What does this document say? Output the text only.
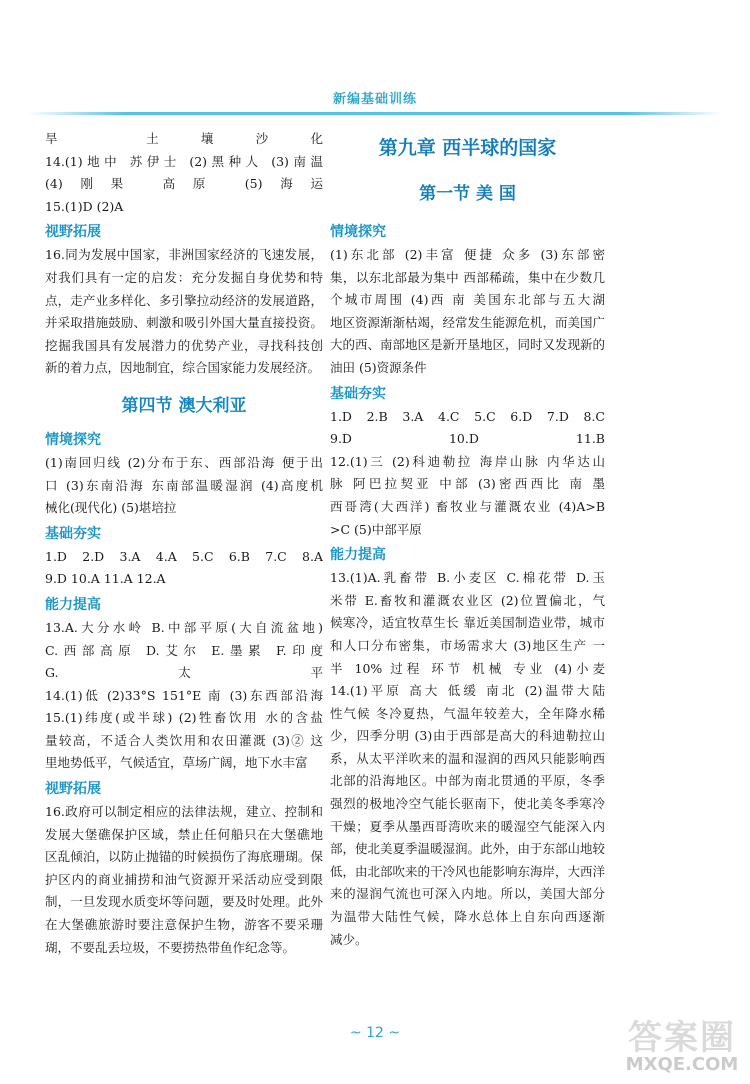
新编基础训练
旱 土壤沙化
14.(1)地中 苏伊士 (2)黑种人 (3)南温
(4)刚果 高原 (5)海运
15.(1)D (2)A
视野拓展
16.同为发展中国家，非洲国家经济的飞速发展，
对我们具有一定的启发：充分发掘自身优势和特
点，走产业多样化、多引擎拉动经济的发展道路，
并采取措施鼓励、刺激和吸引外国大量直接投资。
挖掘我国具有发展潜力的优势产业，寻找科技创
新的着力点，因地制宜，综合国家能力发展经济。
第四节 澳大利亚
情境探究
(1)南回归线 (2)分布于东、西部沿海 便于出
口 (3)东南沿海 东南部温暖湿润 (4)高度机
械化(现代化) (5)堪培拉
基础夯实
1.D 2.D 3.A 4.A 5.C 6.B 7.C 8.A
9.D 10.A 11.A 12.A
能力提高
13.A.大分水岭 B.中部平原(大自流盆地)
C.西部高原 D.艾尔 E.墨累 F.印度
G.太平
14.(1)低 (2)33°S 151°E 南 (3)东西部沿海
15.(1)纬度(或半球) (2)牲畜饮用 水的含盐
量较高，不适合人类饮用和农田灌溉 (3)② 这
里地势低平，气候适宜，草场广阔，地下水丰富
视野拓展
16.政府可以制定相应的法律法规，建立、控制和
发展大堡礁保护区域，禁止任何船只在大堡礁地
区乱倾泊，以防止抛锚的时候损伤了海底珊瑚。保
护区内的商业捕捞和油气资源开采活动应受到限
制，一旦发现水质变坏等问题，要及时处理。此外
在大堡礁旅游时要注意保护生物，游客不要采珊
瑚，不要乱丢垃圾，不要捞热带鱼作纪念等。
第九章 西半球的国家
第一节 美 国
情境探究
(1)东北部 (2)丰富 便捷 众多 (3)东部密
集，以东北部最为集中 西部稀疏，集中在少数几
个城市周围 (4)西 南 美国东北部与五大湖
地区资源渐渐枯竭，经常发生能源危机，而美国广
大的西、南部地区是新开垦地区，同时又发现新的
油田 (5)资源条件
基础夯实
1.D 2.B 3.A 4.C 5.C 6.D 7.D 8.C
9.D 10.D 11.B
12.(1)三 (2)科迪勒拉 海岸山脉 内华达山
脉 阿巴拉契亚 中部 (3)密西西比 南 墨
西哥湾(大西洋) 畜牧业与灌溉农业 (4)A>B
>C (5)中部平原
能力提高
13.(1)A.乳畜带 B.小麦区 C.棉花带 D.玉
米带 E.畜牧和灌溉农业区 (2)位置偏北，气
候寒冷，适宜牧草生长 靠近美国制造业带，城市
和人口分布密集，市场需求大 (3)地区生产 一
半 10% 过程 环节 机械 专业 (4)小麦
14.(1)平原 高大 低缓 南北 (2)温带大陆
性气候 冬冷夏热，气温年较差大，全年降水稀
少，四季分明 (3)由于西部是高大的科迪勒拉山
系，从太平洋吹来的温和湿润的西风只能影响西
北部的沿海地区。中部为南北贯通的平原，冬季
强烈的极地冷空气能长驱南下，使北美冬季寒冷
干燥；夏季从墨西哥湾吹来的暖湿空气能深入内
部，使北美夏季温暖湿润。此外，由于东部山地较
低，由北部吹来的干冷风也能影响东海岸，大西洋
来的湿润气流也可深入内地。所以，美国大部分
为温带大陆性气候，降水总体上自东向西逐渐
减少。
~ 12 ~	答案圈
MXQE.COM
